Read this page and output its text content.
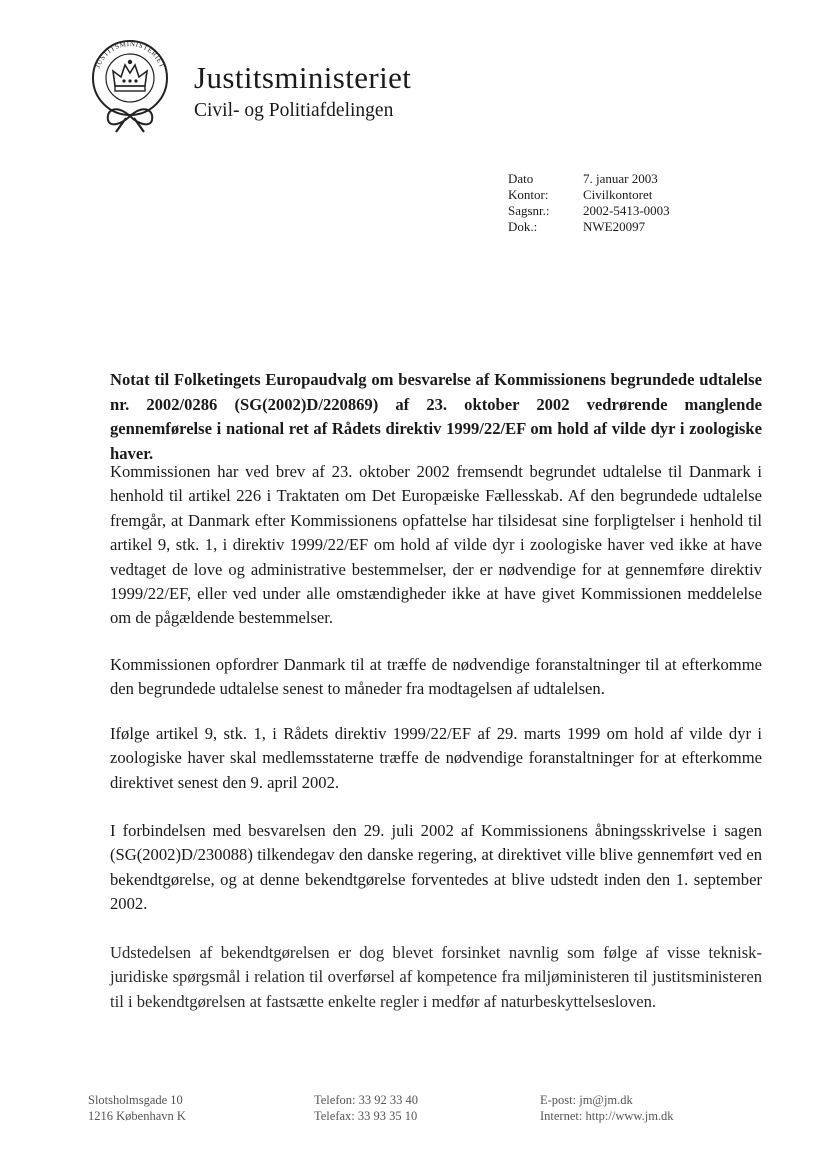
JUSTITSMINISTERIET Justitsministeriet
Civil- og Politiafdelingen
Dato	7. januar 2003
Kontor:	Civilkontoret
Sagsnr.:	2002-5413-0003
Dok.:	NWE20097

Notat til Folketingets Europaudvalg om besvarelse af Kommissionens begrundede udtalelse nr. 2002/0286 (SG(2002)D/220869) af 23. oktober 2002 vedrørende manglende gennemførelse i national ret af Rådets direktiv 1999/22/EF om hold af vilde dyr i zoologiske haver.

Kommissionen har ved brev af 23. oktober 2002 fremsendt begrundet udtalelse til Danmark i henhold til artikel 226 i Traktaten om Det Europæiske Fællesskab. Af den begrundede udtalelse fremgår, at Danmark efter Kommissionens opfattelse har tilsidesat sine forpligtelser i henhold til artikel 9, stk. 1, i direktiv 1999/22/EF om hold af vilde dyr i zoologiske haver ved ikke at have vedtaget de love og administrative bestemmelser, der er nødvendige for at gennemføre direktiv 1999/22/EF, eller ved under alle omstændigheder ikke at have givet Kommissionen meddelelse om de pågældende bestemmelser.

Kommissionen opfordrer Danmark til at træffe de nødvendige foranstaltninger til at efterkomme den begrundede udtalelse senest to måneder fra modtagelsen af udtalelsen.

Ifølge artikel 9, stk. 1, i Rådets direktiv 1999/22/EF af 29. marts 1999 om hold af vilde dyr i zoologiske haver skal medlemsstaterne træffe de nødvendige foranstaltninger for at efterkomme direktivet senest den 9. april 2002.

I forbindelsen med besvarelsen den 29. juli 2002 af Kommissionens åbningsskrivelse i sagen (SG(2002)D/230088) tilkendegav den danske regering, at direktivet ville blive gennemført ved en bekendtgørelse, og at denne bekendtgørelse forventedes at blive udstedt inden den 1. september 2002.

Udstedelsen af bekendtgørelsen er dog blevet forsinket navnlig som følge af visse teknisk-juridiske spørgsmål i relation til overførsel af kompetence fra miljøministeren til justitsministeren til i bekendtgørelsen at fastsætte enkelte regler i medfør af naturbeskyttelsesloven.

Slotsholmsgade 10
1216 København K
Telefon: 33 92 33 40
Telefax: 33 93 35 10
E-post: jm@jm.dk
Internet: http://www.jm.dk
